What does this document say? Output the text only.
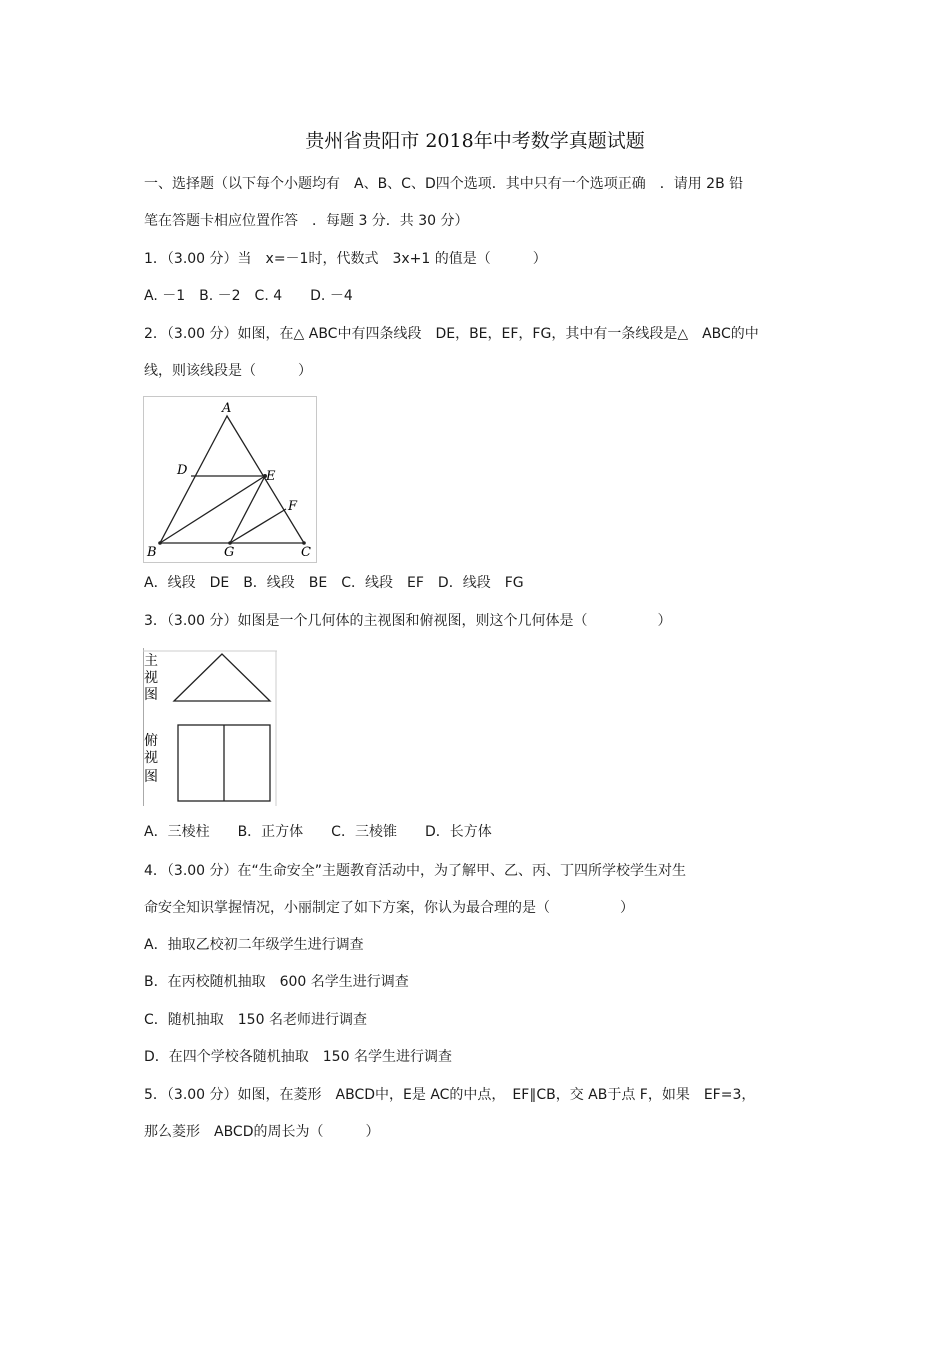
贵州省贵阳市 2018年中考数学真题试题
一、选择题（以下每个小题均有　A、B、C、D四个选项．其中只有一个选项正确　．请用 2B 铅
笔在答题卡相应位置作答　．每题 3 分．共 30 分）
1．（3.00 分）当　x=－1时，代数式　3x+1 的值是（　　　）
A. －1　B. －2　C. 4　　D. －4
2．（3.00 分）如图，在△ ABC中有四条线段　DE，BE，EF，FG，其中有一条线段是△　ABC的中
线，则该线段是（　　　）
A
D	E
F
B	G	C
A．线段　DE　B．线段　BE　C．线段　EF　D．线段　FG
3．（3.00 分）如图是一个几何体的主视图和俯视图，则这个几何体是（　　　　　）
主
视
图
俯
视
图
A．三棱柱　　B．正方体　　C．三棱锥　　D．长方体
4．（3.00 分）在“生命安全”主题教育活动中，为了解甲、乙、丙、丁四所学校学生对生
命安全知识掌握情况，小丽制定了如下方案，你认为最合理的是（　　　　　）
A．抽取乙校初二年级学生进行调查
B．在丙校随机抽取　600 名学生进行调查
C．随机抽取　150 名老师进行调查
D．在四个学校各随机抽取　150 名学生进行调查
5．（3.00 分）如图，在菱形　ABCD中，E是 AC的中点，　EF∥CB，交 AB于点 F，如果　EF=3，
那么菱形　ABCD的周长为（　　　）
